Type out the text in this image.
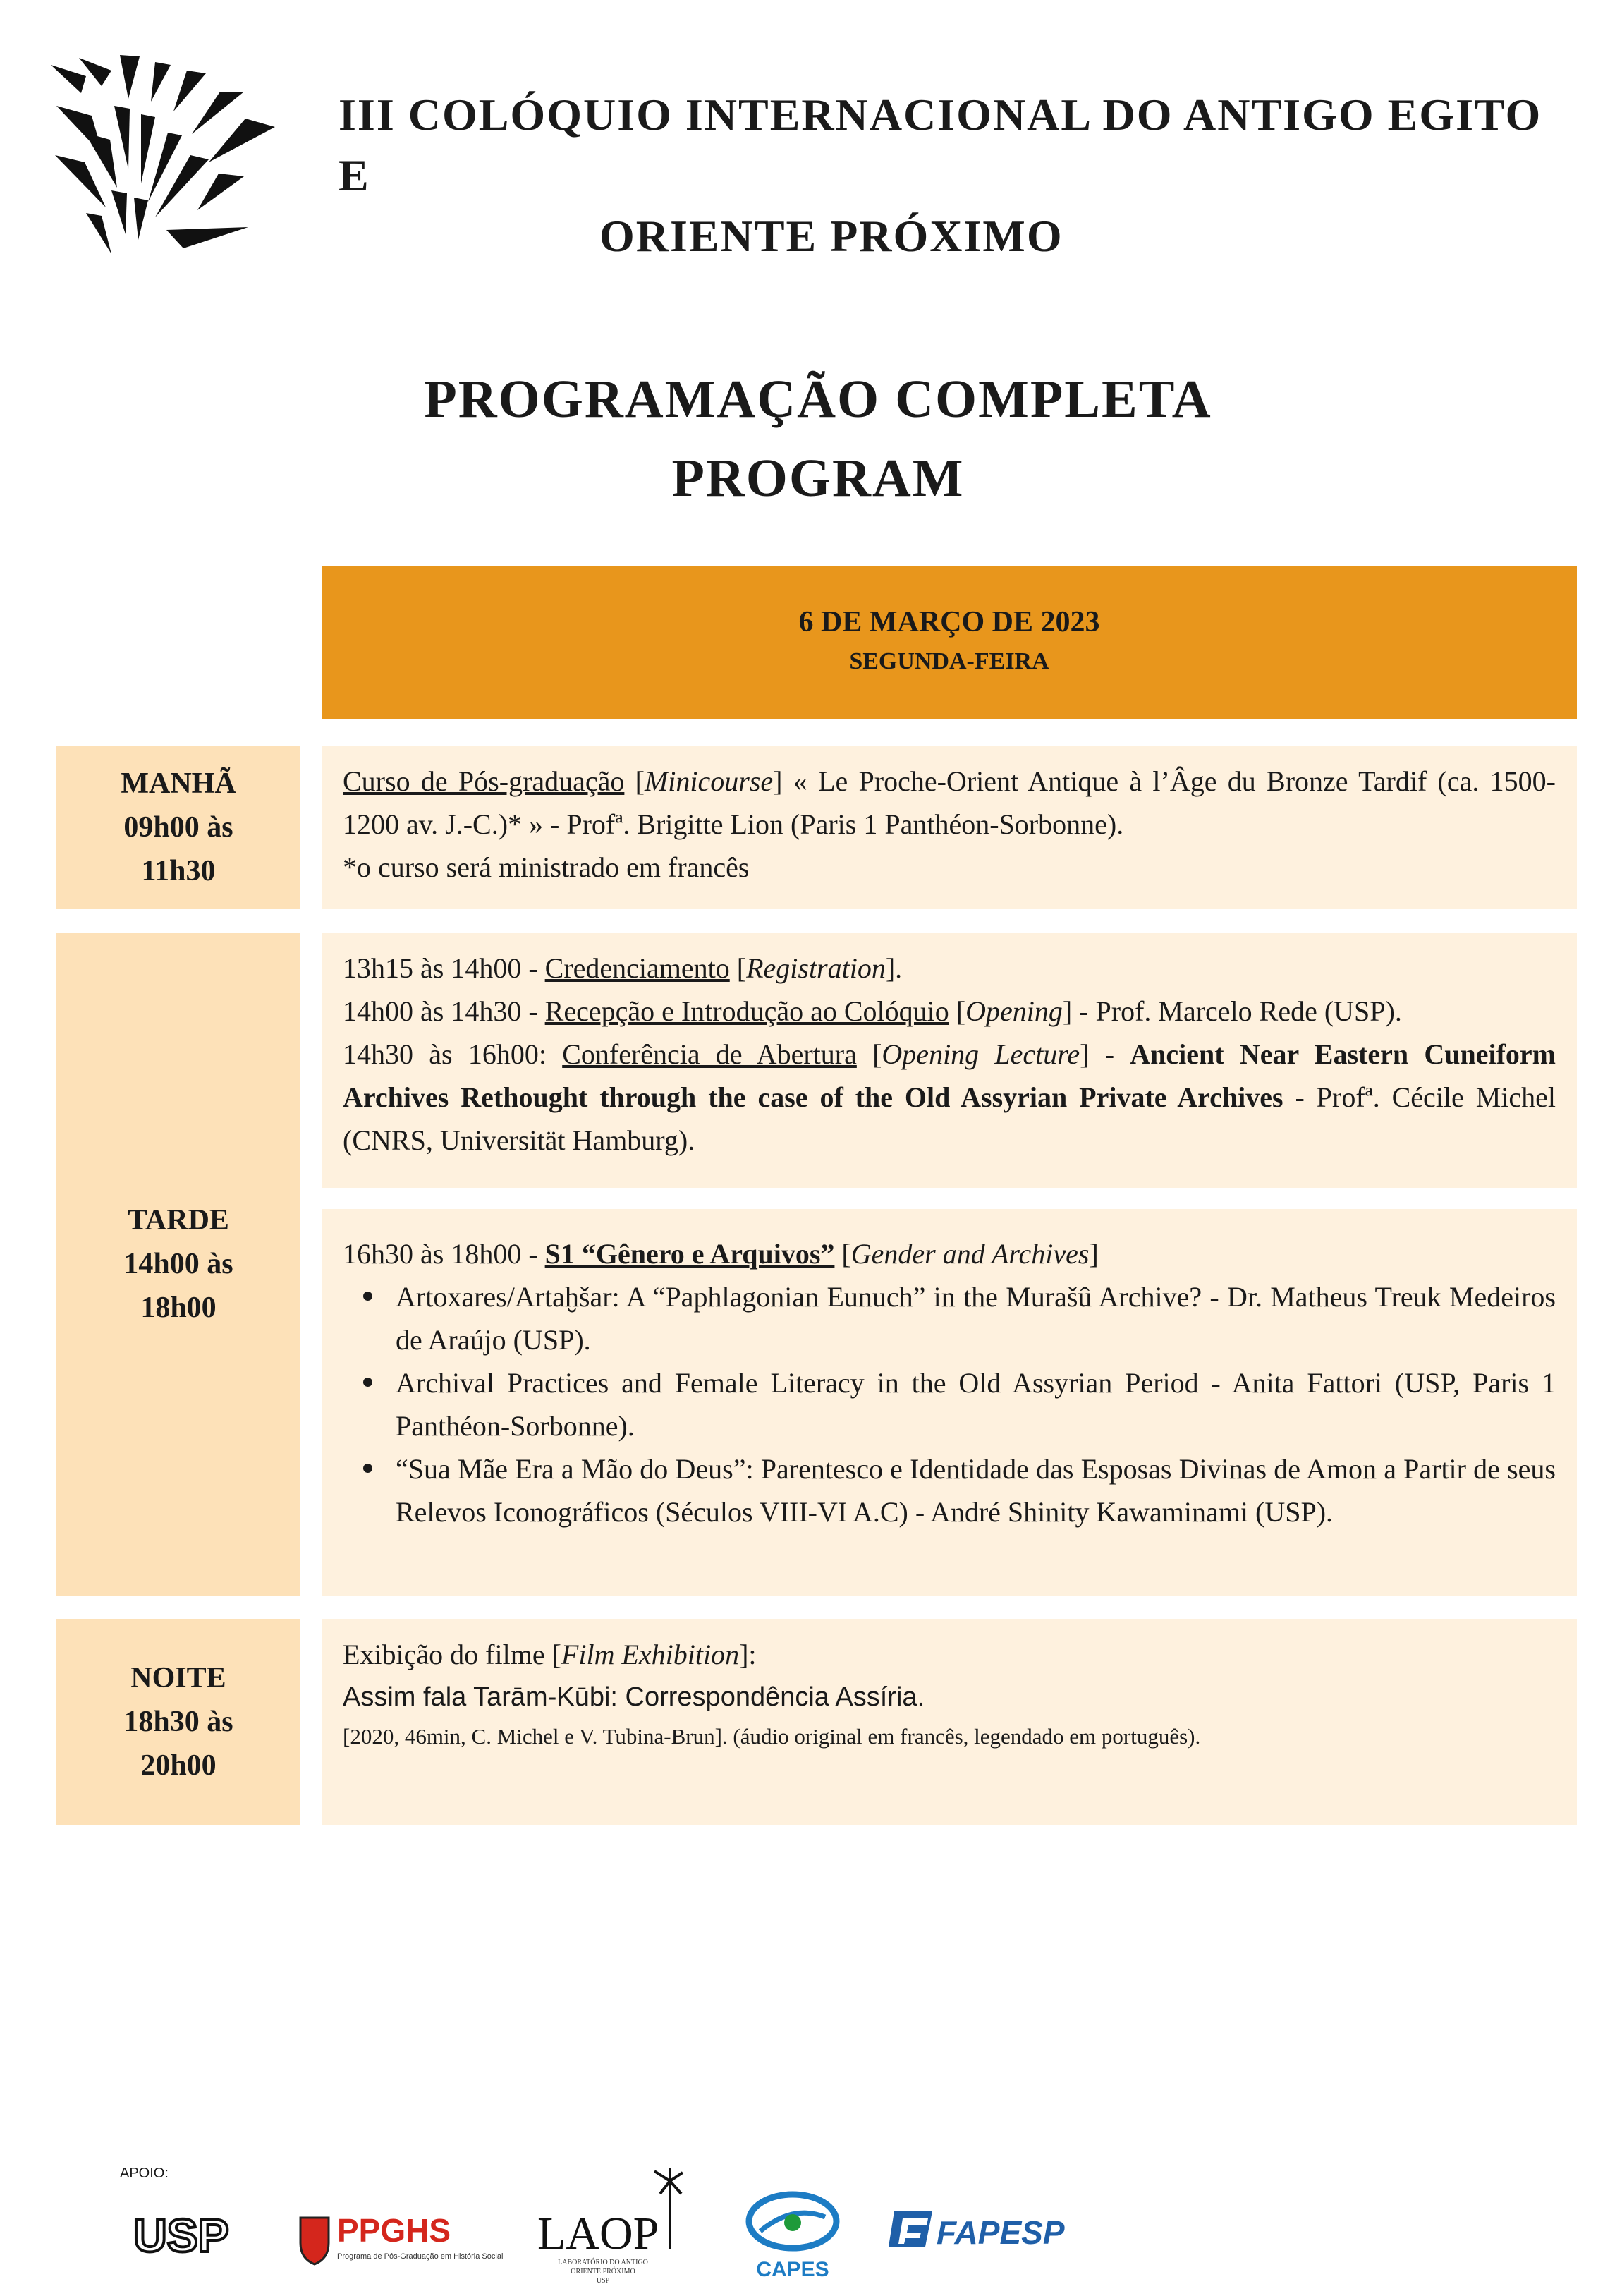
III COLÓQUIO INTERNACIONAL DO ANTIGO EGITO E
ORIENTE PRÓXIMO
PROGRAMAÇÃO COMPLETA
PROGRAM
6 DE MARÇO DE 2023
SEGUNDA-FEIRA
MANHÃ
09h00 às
11h30

Curso de Pós-graduação [Minicourse] « Le Proche-Orient Antique à l’Âge du Bronze Tardif (ca. 1500-1200 av. J.-C.)* » - Profª. Brigitte Lion (Paris 1 Panthéon-Sorbonne).

*o curso será ministrado em francês

TARDE
14h00 às
18h00

13h15 às 14h00 - Credenciamento [Registration].

14h00 às 14h30 - Recepção e Introdução ao Colóquio [Opening] - Prof. Marcelo Rede (USP).

14h30 às 16h00: Conferência de Abertura [Opening Lecture] - Ancient Near Eastern Cuneiform Archives Rethought through the case of the Old Assyrian Private Archives - Profª. Cécile Michel (CNRS, Universität Hamburg).

16h30 às 18h00 - S1 “Gênero e Arquivos” [Gender and Archives]

Artoxares/Artaḫšar: A “Paphlagonian Eunuch” in the Murašû Archive? - Dr. Matheus Treuk Medeiros de Araújo (USP).
Archival Practices and Female Literacy in the Old Assyrian Period - Anita Fattori (USP, Paris 1 Panthéon-Sorbonne).
“Sua Mãe Era a Mão do Deus”: Parentesco e Identidade das Esposas Divinas de Amon a Partir de seus Relevos Iconográficos (Séculos VIII-VI A.C) - André Shinity Kawaminami (USP).
NOITE
18h30 às
20h00

Exibição do filme [Film Exhibition]:

Assim fala Tarām-Kūbi: Correspondência Assíria.

[2020, 46min, C. Michel e V. Tubina-Brun]. (áudio original em francês, legendado em português).

APOIO:
USP	PPGHS
Programa de Pós-Graduação em História Social LAOP
LABORATÓRIO DO ANTIGO
ORIENTE PRÓXIMO
USP	CAPES
FAPESP
